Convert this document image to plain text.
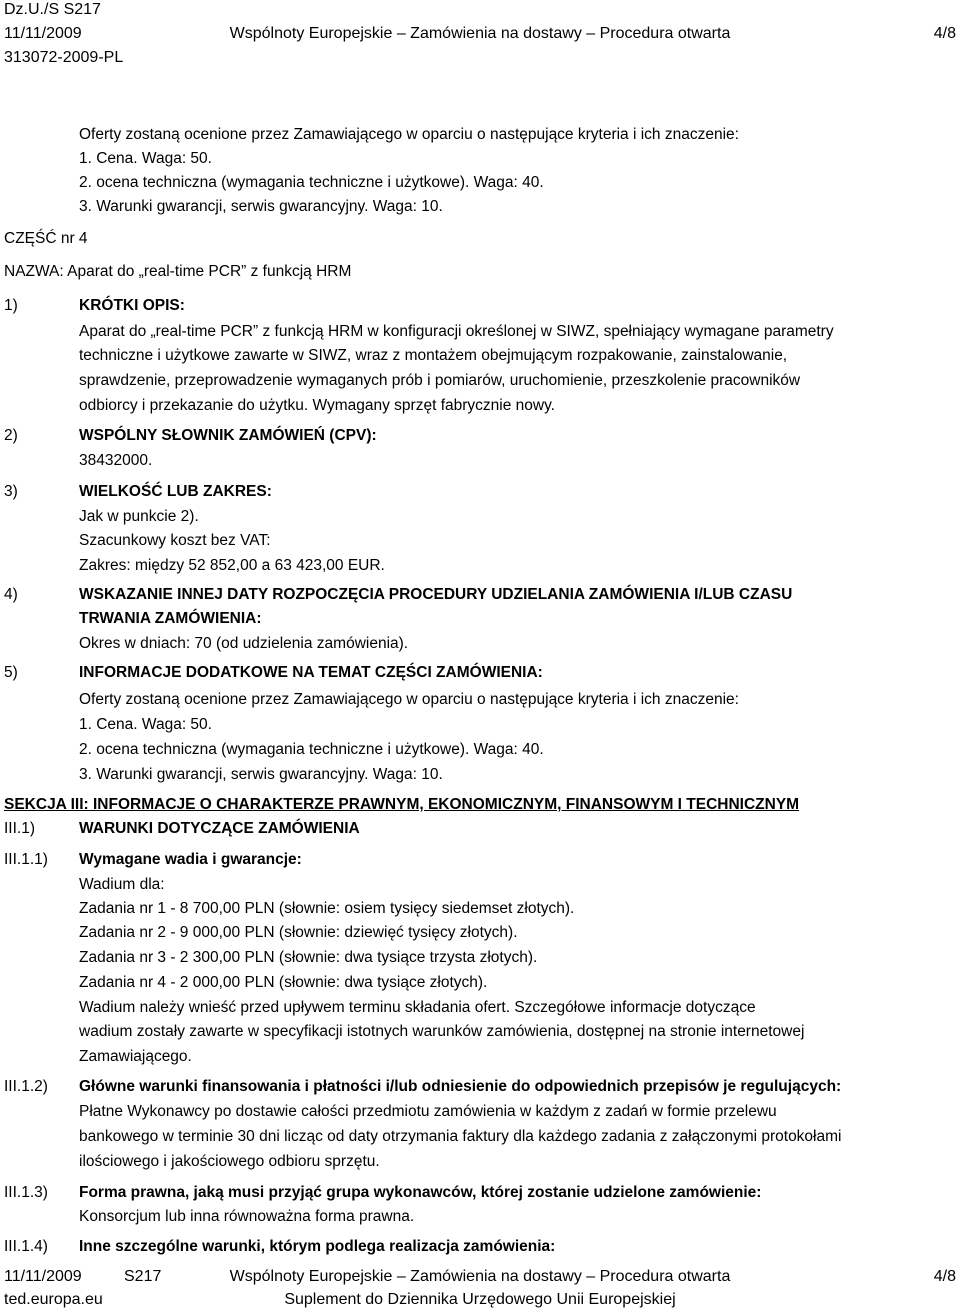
Dz.U./S S217
11/11/2009	Wspólnoty Europejskie – Zamówienia na dostawy – Procedura otwarta	4/8
313072-2009-PL
Oferty zostaną ocenione przez Zamawiającego w oparciu o następujące kryteria i ich znaczenie:
1. Cena. Waga: 50.
2. ocena techniczna (wymagania techniczne i użytkowe). Waga: 40.
3. Warunki gwarancji, serwis gwarancyjny. Waga: 10.
CZĘŚĆ nr 4
NAZWA: Aparat do „real-time PCR” z funkcją HRM
1)	KRÓTKI OPIS:
Aparat do „real-time PCR” z funkcją HRM w konfiguracji określonej w SIWZ, spełniający wymagane parametry
techniczne i użytkowe zawarte w SIWZ, wraz z montażem obejmującym rozpakowanie, zainstalowanie,
sprawdzenie, przeprowadzenie wymaganych prób i pomiarów, uruchomienie, przeszkolenie pracowników
odbiorcy i przekazanie do użytku. Wymagany sprzęt fabrycznie nowy.
2)	WSPÓLNY SŁOWNIK ZAMÓWIEŃ (CPV):
38432000.
3)	WIELKOŚĆ LUB ZAKRES:
Jak w punkcie 2).
Szacunkowy koszt bez VAT:
Zakres: między 52 852,00 a 63 423,00 EUR.
4)	WSKAZANIE INNEJ DATY ROZPOCZĘCIA PROCEDURY UDZIELANIA ZAMÓWIENIA I/LUB CZASU
TRWANIA ZAMÓWIENIA:
Okres w dniach: 70 (od udzielenia zamówienia).
5)	INFORMACJE DODATKOWE NA TEMAT CZĘŚCI ZAMÓWIENIA:
Oferty zostaną ocenione przez Zamawiającego w oparciu o następujące kryteria i ich znaczenie:
1. Cena. Waga: 50.
2. ocena techniczna (wymagania techniczne i użytkowe). Waga: 40.
3. Warunki gwarancji, serwis gwarancyjny. Waga: 10.
SEKCJA III: INFORMACJE O CHARAKTERZE PRAWNYM, EKONOMICZNYM, FINANSOWYM I TECHNICZNYM
III.1)	WARUNKI DOTYCZĄCE ZAMÓWIENIA
III.1.1) Wymagane wadia i gwarancje:
Wadium dla:
Zadania nr 1 - 8 700,00 PLN (słownie: osiem tysięcy siedemset złotych).
Zadania nr 2 - 9 000,00 PLN (słownie: dziewięć tysięcy złotych).
Zadania nr 3 - 2 300,00 PLN (słownie: dwa tysiące trzysta złotych).
Zadania nr 4 - 2 000,00 PLN (słownie: dwa tysiące złotych).
Wadium należy wnieść przed upływem terminu składania ofert. Szczegółowe informacje dotyczące
wadium zostały zawarte w specyfikacji istotnych warunków zamówienia, dostępnej na stronie internetowej
Zamawiającego.
III.1.2) Główne warunki finansowania i płatności i/lub odniesienie do odpowiednich przepisów je regulujących:
Płatne Wykonawcy po dostawie całości przedmiotu zamówienia w każdym z zadań w formie przelewu
bankowego w terminie 30 dni licząc od daty otrzymania faktury dla każdego zadania z załączonymi protokołami
ilościowego i jakościowego odbioru sprzętu.
III.1.3) Forma prawna, jaką musi przyjąć grupa wykonawców, której zostanie udzielone zamówienie:
Konsorcjum lub inna równoważna forma prawna.
III.1.4) Inne szczególne warunki, którym podlega realizacja zamówienia:
11/11/2009	S217	Wspólnoty Europejskie – Zamówienia na dostawy – Procedura otwarta	4/8
ted.europa.eu	Suplement do Dziennika Urzędowego Unii Europejskiej
